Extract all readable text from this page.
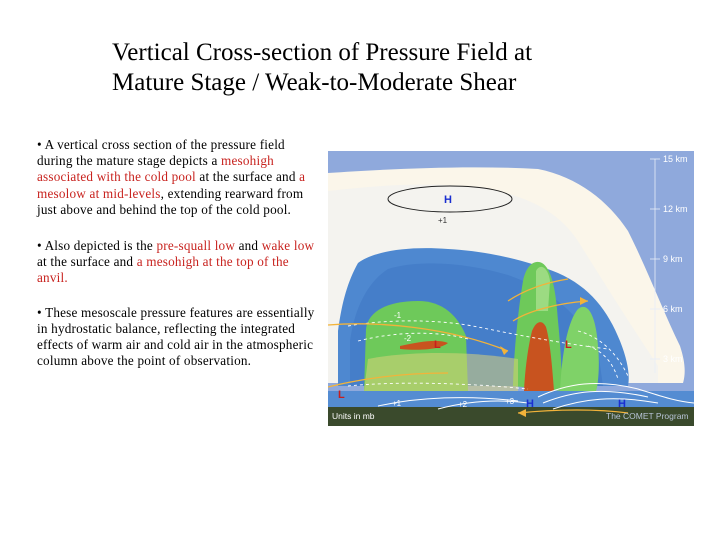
Vertical Cross-section of Pressure Field at
Mature Stage / Weak-to-Moderate Shear
• A vertical cross section of the pressure field during the mature stage depicts a mesohigh associated with the cold pool at the surface and a mesolow at mid-levels, extending rearward from just above and behind the top of the cold pool.
• Also depicted is the pre-squall low and wake low at the surface and a mesohigh at the top of the anvil.
• These mesoscale pressure features are essentially in hydrostatic balance, reflecting the integrated effects of warm air and cold air in the atmospheric column above the point of observation.
15 km
12 km
9 km
6 km
3 km
H
L	L
L
H	H
+1
-1
-2
+1	+2	+3
Units in mb	The COMET Program
